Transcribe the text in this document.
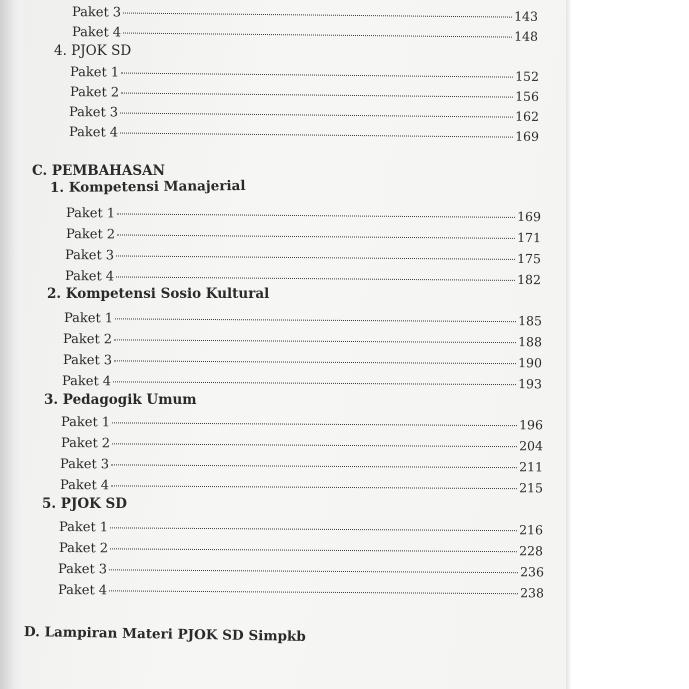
Paket 3	143
Paket 4	148
4. PJOK SD
Paket 1	152
Paket 2	156
Paket 3	162
Paket 4	169
C. PEMBAHASAN
1. Kompetensi Manajerial
Paket 1	169
Paket 2	171
Paket 3	175
Paket 4	182
2. Kompetensi Sosio Kultural
Paket 1	185
Paket 2	188
Paket 3	190
Paket 4	193
3. Pedagogik Umum
Paket 1	196
Paket 2	204
Paket 3	211
Paket 4	215
5. PJOK SD
Paket 1	216
Paket 2	228
Paket 3	236
Paket 4	238
D. Lampiran Materi PJOK SD Simpkb
